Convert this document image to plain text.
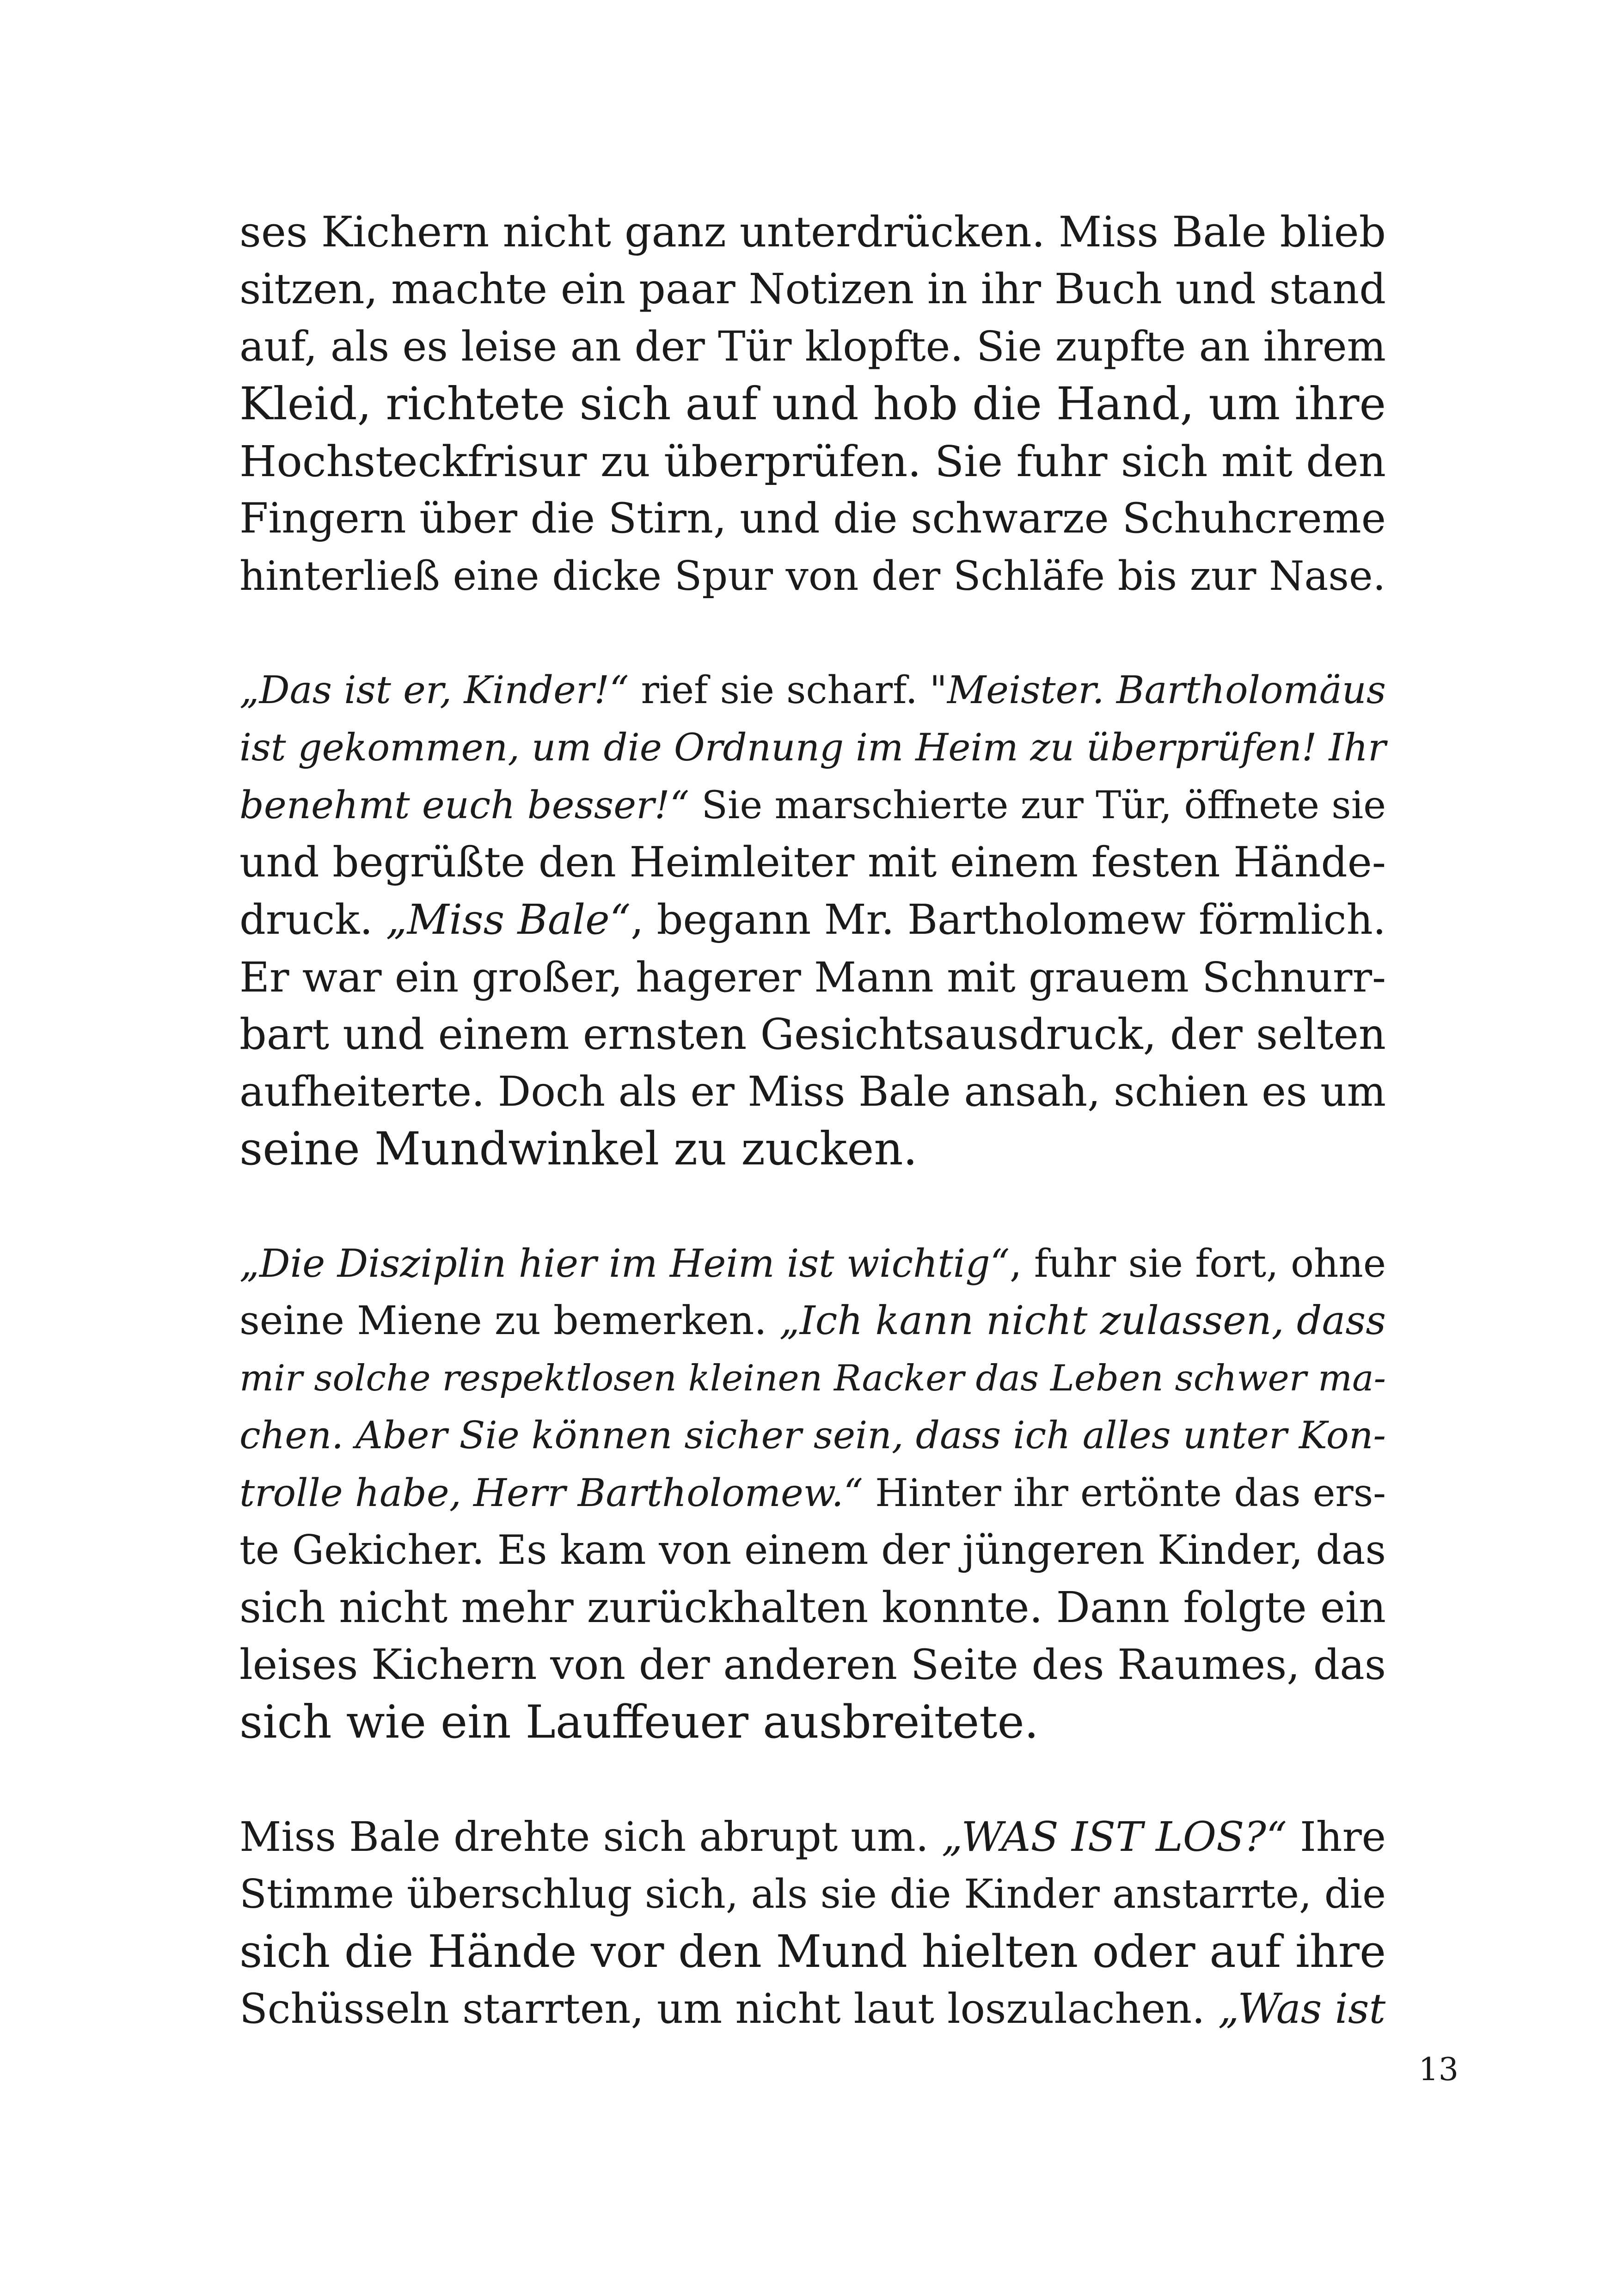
ses Kichern nicht ganz unterdrücken. Miss Bale blieb
sitzen, machte ein paar Notizen in ihr Buch und stand
auf, als es leise an der Tür klopfte. Sie zupfte an ihrem
Kleid, richtete sich auf und hob die Hand, um ihre
Hochsteckfrisur zu überprüfen. Sie fuhr sich mit den
Fingern über die Stirn, und die schwarze Schuhcreme
hinterließ eine dicke Spur von der Schläfe bis zur Nase.
„Das ist er, Kinder!“ rief sie scharf. "Meister. Bartholomäus
ist gekommen, um die Ordnung im Heim zu überprüfen! Ihr
benehmt euch besser!“ Sie marschierte zur Tür, öffnete sie
und begrüßte den Heimleiter mit einem festen Hände-
druck. „Miss Bale“, begann Mr. Bartholomew förmlich.
Er war ein großer, hagerer Mann mit grauem Schnurr-
bart und einem ernsten Gesichtsausdruck, der selten
aufheiterte. Doch als er Miss Bale ansah, schien es um
seine Mundwinkel zu zucken.
„Die Disziplin hier im Heim ist wichtig“, fuhr sie fort, ohne
seine Miene zu bemerken. „Ich kann nicht zulassen, dass
mir solche respektlosen kleinen Racker das Leben schwer ma-
chen. Aber Sie können sicher sein, dass ich alles unter Kon-
trolle habe, Herr Bartholomew.“ Hinter ihr ertönte das ers-
te Gekicher. Es kam von einem der jüngeren Kinder, das
sich nicht mehr zurückhalten konnte. Dann folgte ein
leises Kichern von der anderen Seite des Raumes, das
sich wie ein Lauffeuer ausbreitete.
Miss Bale drehte sich abrupt um. „WAS IST LOS?“ Ihre
Stimme überschlug sich, als sie die Kinder anstarrte, die
sich die Hände vor den Mund hielten oder auf ihre
Schüsseln starrten, um nicht laut loszulachen. „Was ist
13
